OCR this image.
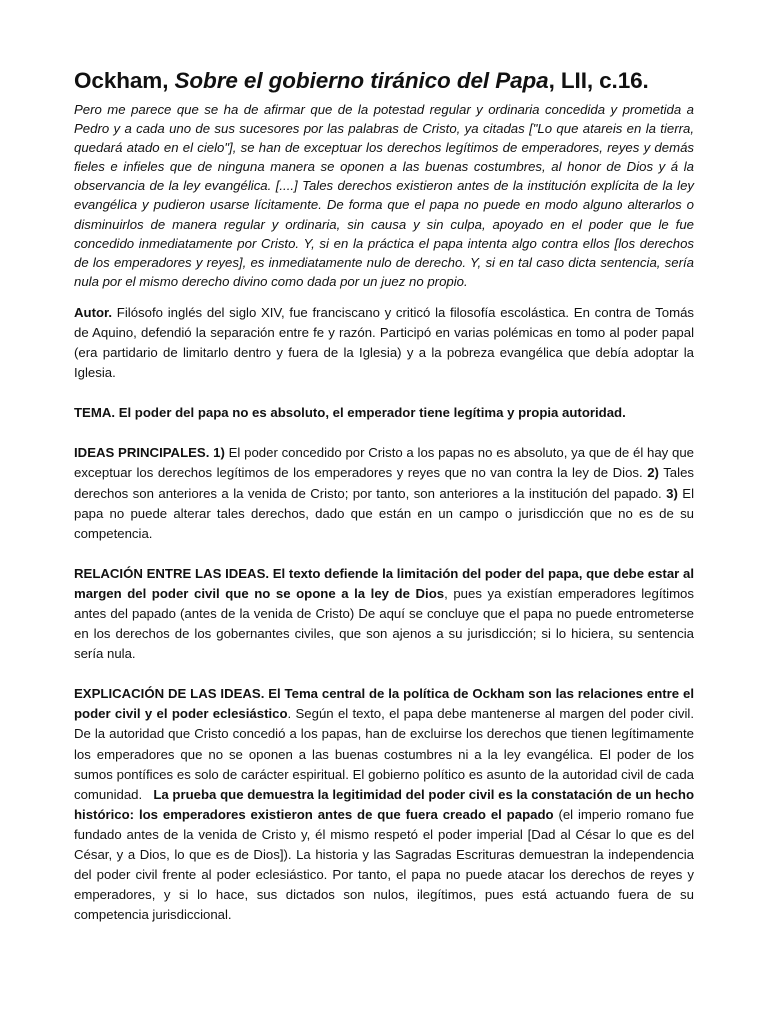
Ockham, Sobre el gobierno tiránico del Papa, LII, c.16.
Pero me parece que se ha de afirmar que de la potestad regular y ordinaria concedida y prometida a Pedro y a cada uno de sus sucesores por las palabras de Cristo, ya citadas ["Lo que atareis en la tierra, quedará atado en el cielo"], se han de exceptuar los derechos legítimos de emperadores, reyes y demás fieles e infieles que de ninguna manera se oponen a las buenas costumbres, al honor de Dios y á la observancia de la ley evangélica. [....] Tales derechos existieron antes de la institución explícita de la ley evangélica y pudieron usarse lícitamente. De forma que el papa no puede en modo alguno alterarlos o disminuirlos de manera regular y ordinaria, sin causa y sin culpa, apoyado en el poder que le fue concedido inmediatamente por Cristo. Y, si en la práctica el papa intenta algo contra ellos [los derechos de los emperadores y reyes], es inmediatamente nulo de derecho. Y, si en tal caso dicta sentencia, sería nula por el mismo derecho divino como dada por un juez no propio.
Autor. Filósofo inglés del siglo XIV, fue franciscano y criticó la filosofía escolástica. En contra de Tomás de Aquino, defendió la separación entre fe y razón. Participó en varias polémicas en tomo al poder papal (era partidario de limitarlo dentro y fuera de la Iglesia) y a la pobreza evangélica que debía adoptar la Iglesia.
TEMA. El poder del papa no es absoluto, el emperador tiene legítima y propia autoridad.
IDEAS PRINCIPALES. 1) El poder concedido por Cristo a los papas no es absoluto, ya que de él hay que exceptuar los derechos legítimos de los emperadores y reyes que no van contra la ley de Dios. 2) Tales derechos son anteriores a la venida de Cristo; por tanto, son anteriores a la institución del papado. 3) El papa no puede alterar tales derechos, dado que están en un campo o jurisdicción que no es de su competencia.
RELACIÓN ENTRE LAS IDEAS. El texto defiende la limitación del poder del papa, que debe estar al margen del poder civil que no se opone a la ley de Dios, pues ya existían emperadores legítimos antes del papado (antes de la venida de Cristo) De aquí se concluye que el papa no puede entrometerse en los derechos de los gobernantes civiles, que son ajenos a su jurisdicción; si lo hiciera, su sentencia sería nula.
EXPLICACIÓN DE LAS IDEAS. El Tema central de la política de Ockham son las relaciones entre el poder civil y el poder eclesiástico. Según el texto, el papa debe mantenerse al margen del poder civil. De la autoridad que Cristo concedió a los papas, han de excluirse los derechos que tienen legítimamente los emperadores que no se oponen a las buenas costumbres ni a la ley evangélica. El poder de los sumos pontífices es solo de carácter espiritual. El gobierno político es asunto de la autoridad civil de cada comunidad.   La prueba que demuestra la legitimidad del poder civil es la constatación de un hecho histórico: los emperadores existieron antes de que fuera creado el papado (el imperio romano fue fundado antes de la venida de Cristo y, él mismo respetó el poder imperial [Dad al César lo que es del César, y a Dios, lo que es de Dios]). La historia y las Sagradas Escrituras demuestran la independencia del poder civil frente al poder eclesiástico. Por tanto, el papa no puede atacar los derechos de reyes y emperadores, y si lo hace, sus dictados son nulos, ilegítimos, pues está actuando fuera de su competencia jurisdiccional.
